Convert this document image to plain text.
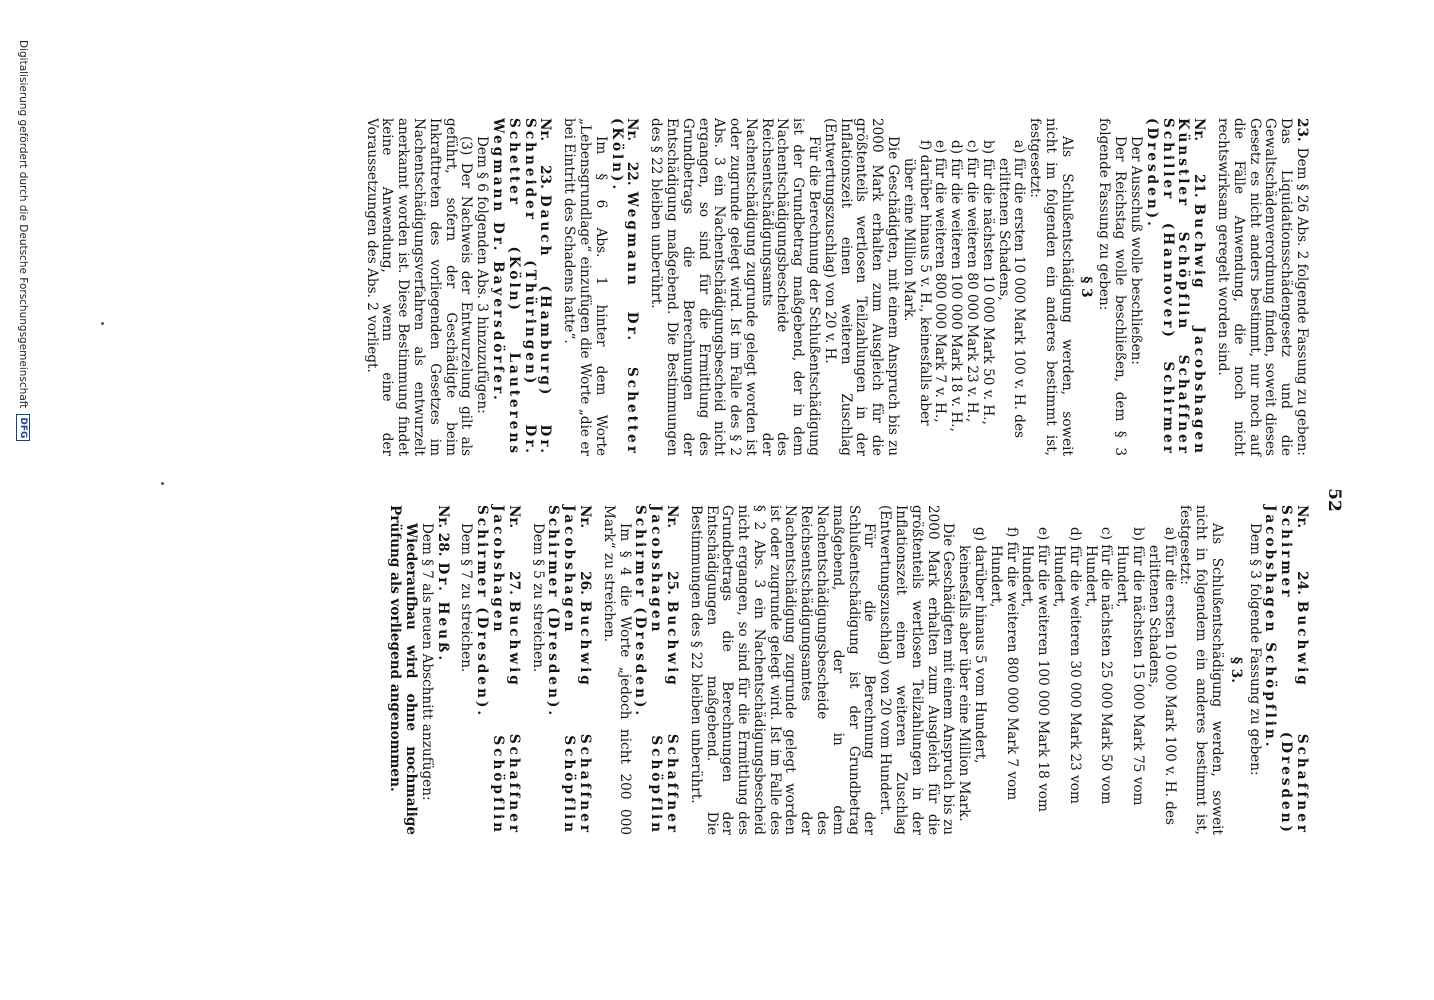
52
23.Dem § 26 Abs. 2 folgende Fassung zu geben: Das Liquidationsschädengesetz und die Gewaltschädenverordnung finden, soweit dieses Gesetz es nicht anders bestimmt, nur noch auf die Fälle Anwendung, die noch nicht rechtswirksam geregelt worden sind.
Nr. 21.Buchwig Jacobshagen Künstler Schöpflin Schaffner Schiller (Hannover) Schirmer (Dresden).
Der Ausschuß wolle beschließen:
Der Reichstag wolle beschließen, dem § 3 folgende Fassung zu geben:
§ 3
Als Schlußentschädigung werden, soweit nicht im folgenden ein anderes bestimmt ist, festgesetzt:
a) für die ersten 10 000 Mark 100 v. H. des erlittenen Schadens,
b) für die nächsten 10 000 Mark 50 v. H.,
c) für die weiteren 80 000 Mark 23 v. H.,
d) für die weiteren 100 000 Mark 18 v. H.,
e) für die weiteren 800 000 Mark 7 v. H.,
f) darüber hinaus 5 v. H., keinesfalls aber über eine Million Mark.
Die Geschädigten, mit einem Anspruch bis zu 2000 Mark erhalten zum Ausgleich für die größtenteils wertlosen Teilzahlungen in der Inflationszeit einen weiteren Zuschlag (Entwertungszuschlag) von 20 v. H.
Für die Berechnung der Schlußentschädigung ist der Grundbetrag maßgebend, der in dem Nachentschädigungsbescheide des Reichsentschädigungsamts der Nachentschädigung zugrunde gelegt worden ist oder zugrunde gelegt wird. Ist im Falle des § 2 Abs. 3 ein Nachentschädigungsbescheid nicht ergangen, so sind für die Ermittlung des Grundbetrags die Berechnungen der Entschädigung maßgebend. Die Bestimmungen des § 22 bleiben unberührt.
Nr. 22.Wegmann Dr. Schetter (Köln).
Im § 6 Abs. 1 hinter dem Worte „Lebensgrundlage“ einzufügen die Worte „die er bei Eintritt des Schadens hatte“.
Nr. 23.Dauch (Hamburg) Dr. Schneider (Thüringen) Dr. Schetter (Köln) Lauterens Wegmann Dr. Bayersdörfer.
Dem § 6 folgenden Abs. 3 hinzuzufügen:
(3) Der Nachweis der Entwurzelung gilt als geführt, sofern der Geschädigte beim Inkrafttreten des vorliegenden Gesetzes im Nachentschädigungsverfahren als entwurzelt anerkannt worden ist. Diese Bestimmung findet keine Anwendung, wenn eine der Voraussetzungen des Abs. 2 vorliegt.
Nr. 24.Buchwig Schaffner Schirmer (Dresden) Jacobshagen Schöpflin.
Dem § 3 folgende Fassung zu geben:
§ 3.
Als Schlußentschädigung werden, soweit nicht in folgendem ein anderes bestimmt ist, festgesetzt:
a) für die ersten 10 000 Mark 100 v. H. des erlittenen Schadens,
b) für die nächsten 15 000 Mark 75 vom Hundert,
c) für die nächsten 25 000 Mark 50 vom Hundert,
d) für die weiteren 30 000 Mark 23 vom Hundert,
e) für die weiteren 100 000 Mark 18 vom Hundert,
f) für die weiteren 800 000 Mark 7 vom Hundert,
g) darüber hinaus 5 vom Hundert, keinesfalls aber über eine Million Mark.
Die Geschädigten mit einem Anspruch bis zu 2000 Mark erhalten zum Ausgleich für die größtenteils wertlosen Teilzahlungen in der Inflationszeit einen weiteren Zuschlag (Entwertungszuschlag) von 20 vom Hundert.
Für die Berechnung der Schlußentschädigung ist der Grundbetrag maßgebend, der in dem Nachentschädigungsbescheide des Reichsentschädigungsamtes der Nachentschädigung zugrunde gelegt worden ist oder zugrunde gelegt wird. Ist im Falle des § 2 Abs. 3 ein Nachentschädigungsbescheid nicht ergangen, so sind für die Ermittlung des Grundbetrags die Berechnungen der Entschädigungen maßgebend. Die Bestimmungen des § 22 bleiben unberührt.
Nr. 25.Buchwig Schaffner Jacobshagen Schöpflin Schirmer (Dresden).
Im § 4 die Worte „jedoch nicht 200 000 Mark“ zu streichen.
Nr. 26.Buchwig Schaffner Jacobshagen Schöpflin Schirmer (Dresden).
Dem § 5 zu streichen.
Nr. 27.Buchwig Schaffner Jacobshagen Schöpflin Schirmer (Dresden).
Dem § 7 zu streichen.
Nr. 28.Dr. Heuß.
Dem § 7 als neuen Abschnitt anzufügen:
Wiederaufbau wird ohne nochmalige Prüfung als vorliegend angenommen.
Digitalisierung gefördert durch die Deutsche Forschungsgemeinschaft
DFG
